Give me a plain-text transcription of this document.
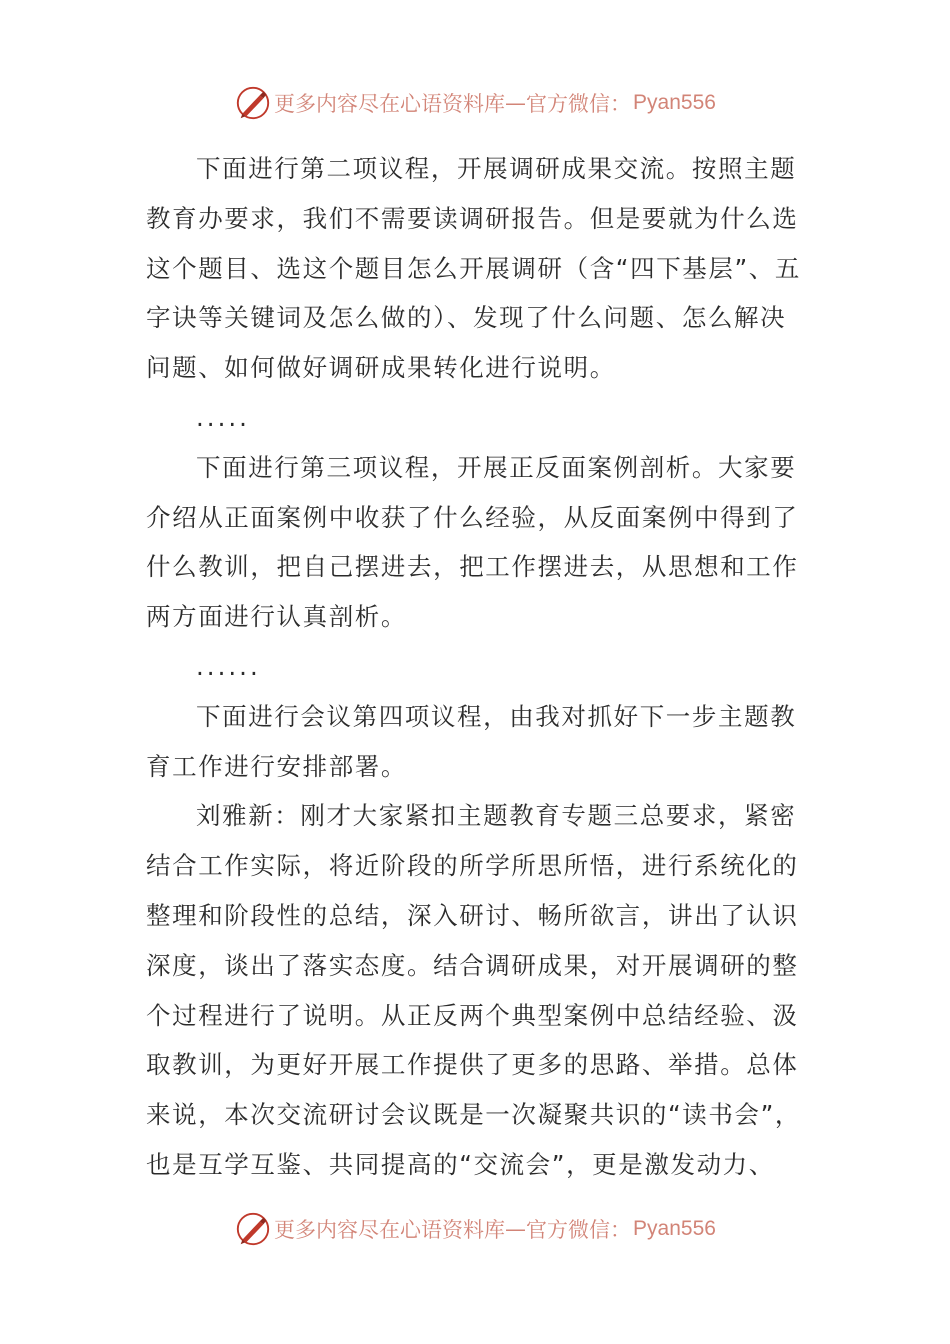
更多内容尽在心语资料库 — 官方微信： Pyan556

下面进行第二项议程，开展调研成果交流。按照主题教育办要求，我们不需要读调研报告。但是要就为什么选这个题目、选这个题目怎么开展调研（含“四下基层”、五字诀等关键词及怎么做的）、发现了什么问题、怎么解决问题、如何做好调研成果转化进行说明。

.....

下面进行第三项议程，开展正反面案例剖析。大家要介绍从正面案例中收获了什么经验，从反面案例中得到了什么教训，把自己摆进去，把工作摆进去，从思想和工作两方面进行认真剖析。

......

下面进行会议第四项议程，由我对抓好下一步主题教育工作进行安排部署。

刘雅新：刚才大家紧扣主题教育专题三总要求，紧密结合工作实际，将近阶段的所学所思所悟，进行系统化的整理和阶段性的总结，深入研讨、畅所欲言，讲出了认识深度，谈出了落实态度。结合调研成果，对开展调研的整个过程进行了说明。从正反两个典型案例中总结经验、汲取教训，为更好开展工作提供了更多的思路、举措。总体来说，本次交流研讨会议既是一次凝聚共识的“读书会”，也是互学互鉴、共同提高的“交流会”，更是激发动力、

更多内容尽在心语资料库 — 官方微信： Pyan556
